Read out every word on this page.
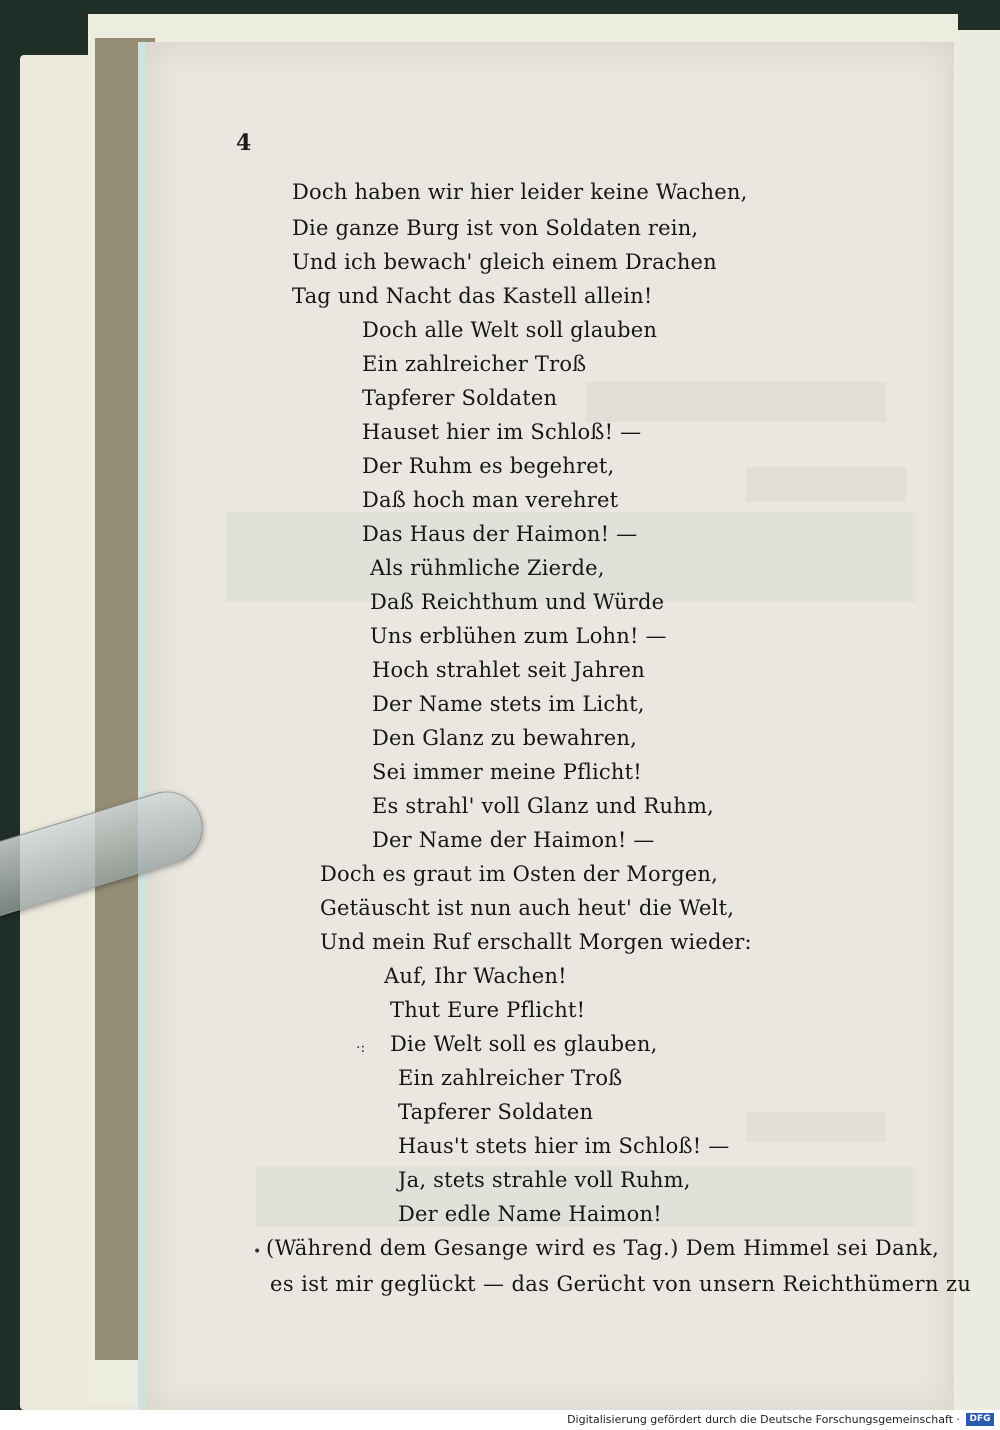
4
Doch haben wir hier leider keine Wachen,
Die ganze Burg ist von Soldaten rein,
Und ich bewach' gleich einem Drachen
Tag und Nacht das Kastell allein!
Doch alle Welt soll glauben
Ein zahlreicher Troß
Tapferer Soldaten
Hauset hier im Schloß! —
Der Ruhm es begehret,
Daß hoch man verehret
Das Haus der Haimon! —
Als rühmliche Zierde,
Daß Reichthum und Würde
Uns erblühen zum Lohn! —
Hoch strahlet seit Jahren
Der Name stets im Licht,
Den Glanz zu bewahren,
Sei immer meine Pflicht!
Es strahl' voll Glanz und Ruhm,
Der Name der Haimon! —
Doch es graut im Osten der Morgen,
Getäuscht ist nun auch heut' die Welt,
Und mein Ruf erschallt Morgen wieder:
Auf, Ihr Wachen!
Thut Eure Pflicht!
·: Die Welt soll es glauben,
Ein zahlreicher Troß
Tapferer Soldaten
Haus't stets hier im Schloß! —
Ja, stets strahle voll Ruhm,
Der edle Name Haimon!
• (Während dem Gesange wird es Tag.) Dem Himmel sei Dank,
es ist mir geglückt — das Gerücht von unsern Reichthümern zu
Digitalisierung gefördert durch die Deutsche Forschungsgemeinschaft ·	DFG
